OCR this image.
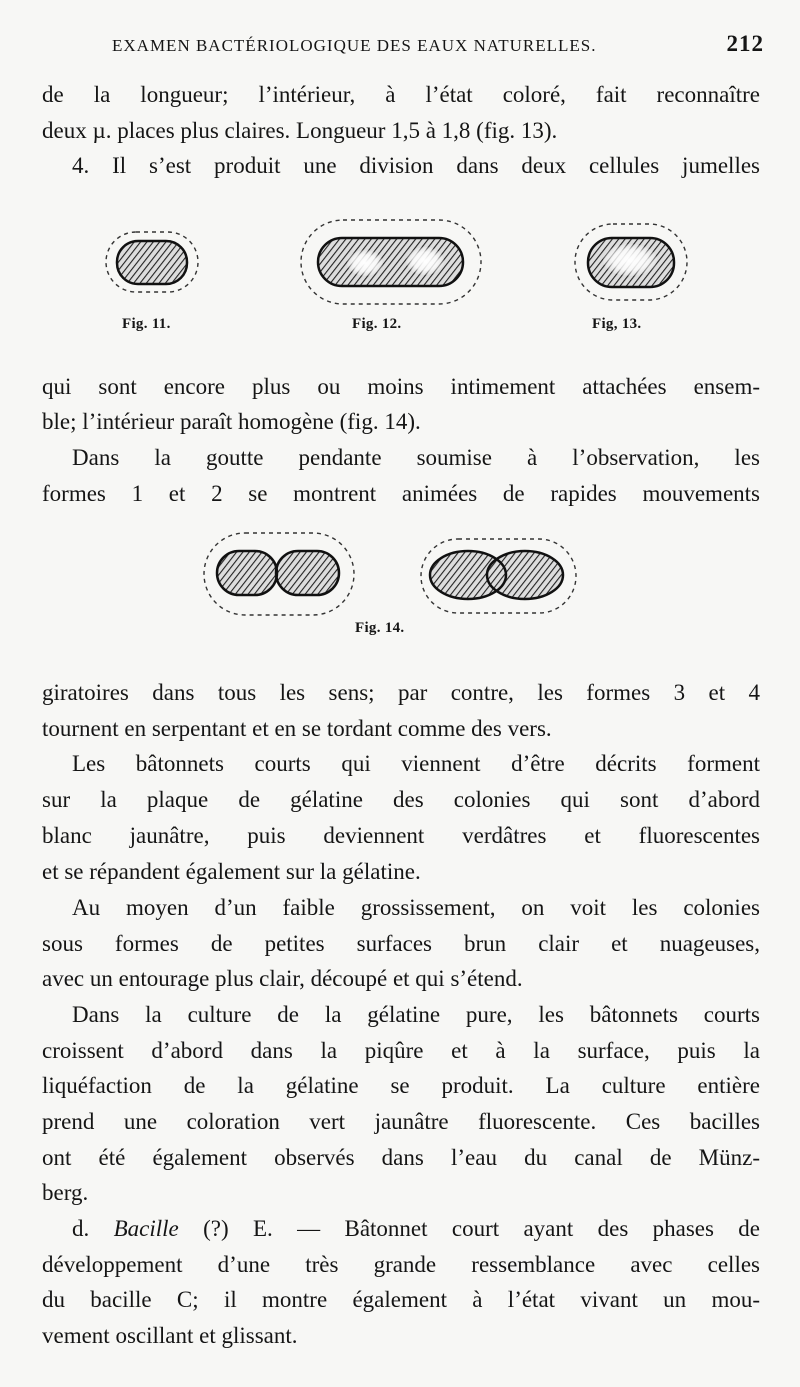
EXAMEN BACTÉRIOLOGIQUE DES EAUX NATURELLES.	212
de la longueur; l’intérieur, à l’état coloré, fait reconnaître
deux µ. places plus claires. Longueur 1,5 à 1,8 (fig. 13).
4. Il s’est produit une division dans deux cellules jumelles
Fig. 11.	Fig. 12.	Fig, 13.
qui sont encore plus ou moins intimement attachées ensem-
ble; l’intérieur paraît homogène (fig. 14).
Dans la goutte pendante soumise à l’observation, les
formes 1 et 2 se montrent animées de rapides mouvements
Fig. 14.
giratoires dans tous les sens; par contre, les formes 3 et 4
tournent en serpentant et en se tordant comme des vers.
Les bâtonnets courts qui viennent d’être décrits forment
sur la plaque de gélatine des colonies qui sont d’abord
blanc jaunâtre, puis deviennent verdâtres et fluorescentes
et se répandent également sur la gélatine.
Au moyen d’un faible grossissement, on voit les colonies
sous formes de petites surfaces brun clair et nuageuses,
avec un entourage plus clair, découpé et qui s’étend.
Dans la culture de la gélatine pure, les bâtonnets courts
croissent d’abord dans la piqûre et à la surface, puis la
liquéfaction de la gélatine se produit. La culture entière
prend une coloration vert jaunâtre fluorescente. Ces bacilles
ont été également observés dans l’eau du canal de Münz-
berg.
d. Bacille (?) E. — Bâtonnet court ayant des phases de
développement d’une très grande ressemblance avec celles
du bacille C; il montre également à l’état vivant un mou-
vement oscillant et glissant.
